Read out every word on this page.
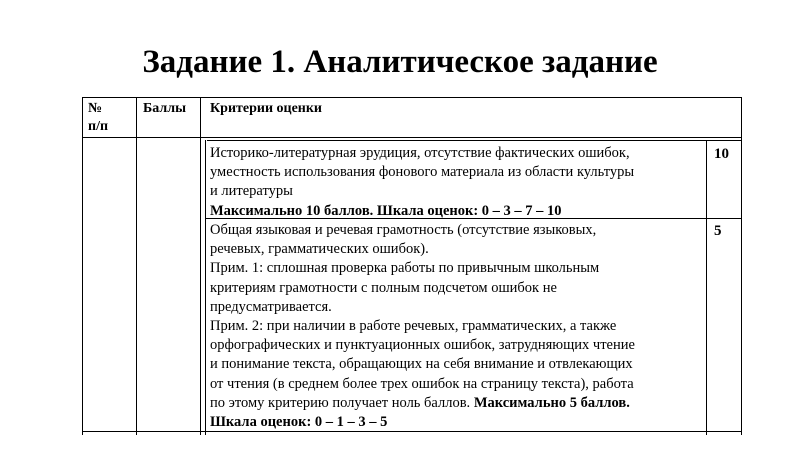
Задание 1. Аналитическое задание
№
п/п
Баллы Критерии оценки
Историко-литературная эрудиция, отсутствие фактических ошибок,
уместность использования фонового материала из области культуры
и литературы
Максимально 10 баллов. Шкала оценок: 0 – 3 – 7 – 10
10
Общая языковая и речевая грамотность (отсутствие языковых,
речевых, грамматических ошибок).
Прим. 1: сплошная проверка работы по привычным школьным
критериям грамотности с полным подсчетом ошибок не
предусматривается.
Прим. 2: при наличии в работе речевых, грамматических, а также
орфографических и пунктуационных ошибок, затрудняющих чтение
и понимание текста, обращающих на себя внимание и отвлекающих
от чтения (в среднем более трех ошибок на страницу текста), работа
по этому критерию получает ноль баллов. Максимально 5 баллов.
Шкала оценок: 0 – 1 – 3 – 5
5
